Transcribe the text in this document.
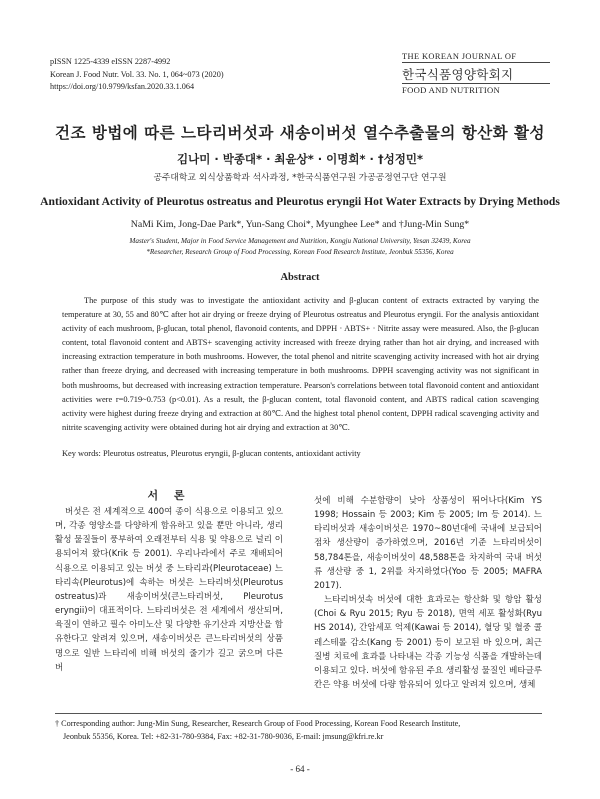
pISSN 1225-4339 eISSN 2287-4992
Korean J. Food Nutr. Vol. 33. No. 1, 064~073 (2020)
https://doi.org/10.9799/ksfan.2020.33.1.064
THE KOREAN JOURNAL OF
한국식품영양학회지
FOOD AND NUTRITION
건조 방법에 따른 느타리버섯과 새송이버섯 열수추출물의 항산화 활성
김나미 · 박종대* · 최윤상* · 이명희* · †성정민*
공주대학교 외식상품학과 석사과정, *한국식품연구원 가공공정연구단 연구원
Antioxidant Activity of Pleurotus ostreatus and Pleurotus eryngii Hot Water Extracts by Drying Methods
NaMi Kim, Jong-Dae Park*, Yun-Sang Choi*, Myunghee Lee* and †Jung-Min Sung*
Master's Student, Major in Food Service Management and Nutrition, Kongju National University, Yesan 32439, Korea
*Researcher, Research Group of Food Processing, Korean Food Research Institute, Jeonbuk 55356, Korea
Abstract
The purpose of this study was to investigate the antioxidant activity and β-glucan content of extracts extracted by varying the temperature at 30, 55 and 80℃ after hot air drying or freeze drying of Pleurotus ostreatus and Pleurotus eryngii. For the analysis antioxidant activity of each mushroom, β-glucan, total phenol, flavonoid contents, and DPPH · ABTS+ · Nitrite assay were measured. Also, the β-glucan content, total flavonoid content and ABTS+ scavenging activity increased with freeze drying rather than hot air drying, and increased with increasing extraction temperature in both mushrooms. However, the total phenol and nitrite scavenging activity increased with hot air drying rather than freeze drying, and decreased with increasing temperature in both mushrooms. DPPH scavenging activity was not significant in both mushrooms, but decreased with increasing extraction temperature. Pearson's correlations between total flavonoid content and antioxidant activities were r=0.719~0.753 (p<0.01). As a result, the β-glucan content, total flavonoid content, and ABTS radical cation scavenging activity were highest during freeze drying and extraction at 80℃. And the highest total phenol content, DPPH radical scavenging activity and nitrite scavenging activity were obtained during hot air drying and extraction at 30℃.
Key words: Pleurotus ostreatus, Pleurotus eryngii, β-glucan contents, antioxidant activity
서 론

버섯은 전 세계적으로 400여 종이 식용으로 이용되고 있으며, 각종 영양소를 다양하게 함유하고 있을 뿐만 아니라, 생리활성 물질들이 풍부하여 오래전부터 식용 및 약용으로 널리 이용되어져 왔다(Krik 등 2001). 우리나라에서 주로 재배되어 식용으로 이용되고 있는 버섯 중 느타리과(Pleurotaceae) 느타리속(Pleurotus)에 속하는 버섯은 느타리버섯(Pleurotus ostreatus)과 새송이버섯(큰느타리버섯, Pleurotus eryngii)이 대표적이다. 느타리버섯은 전 세계에서 생산되며, 육질이 연하고 필수 아미노산 및 다양한 유기산과 지방산을 함유한다고 알려져 있으며, 새송이버섯은 큰느타리버섯의 상품명으로 일반 느타리에 비해 버섯의 줄기가 길고 굵으며 다른 버

섯에 비해 수분함량이 낮아 상품성이 뛰어나다(Kim YS 1998; Hossain 등 2003; Kim 등 2005; Im 등 2014). 느타리버섯과 새송이버섯은 1970~80년대에 국내에 보급되어 점차 생산량이 증가하였으며, 2016년 기준 느타리버섯이 58,784톤을, 새송이버섯이 48,588톤을 차지하여 국내 버섯류 생산량 중 1, 2위를 차지하였다(Yoo 등 2005; MAFRA 2017).

느타리버섯속 버섯에 대한 효과로는 항산화 및 항암 활성(Choi & Ryu 2015; Ryu 등 2018), 면역 세포 활성화(Ryu HS 2014), 간암세포 억제(Kawai 등 2014), 혈당 및 혈중 콜레스테롤 감소(Kang 등 2001) 등이 보고된 바 있으며, 최근 질병 치료에 효과를 나타내는 각종 기능성 식품을 개발하는데 이용되고 있다. 버섯에 함유된 주요 생리활성 물질인 베타글루칸은 약용 버섯에 다량 함유되어 있다고 알려져 있으며, 생체

† Corresponding author: Jung-Min Sung, Researcher, Research Group of Food Processing, Korean Food Research Institute,
Jeonbuk 55356, Korea. Tel: +82-31-780-9384, Fax: +82-31-780-9036, E-mail: jmsung@kfri.re.kr
- 64 -
